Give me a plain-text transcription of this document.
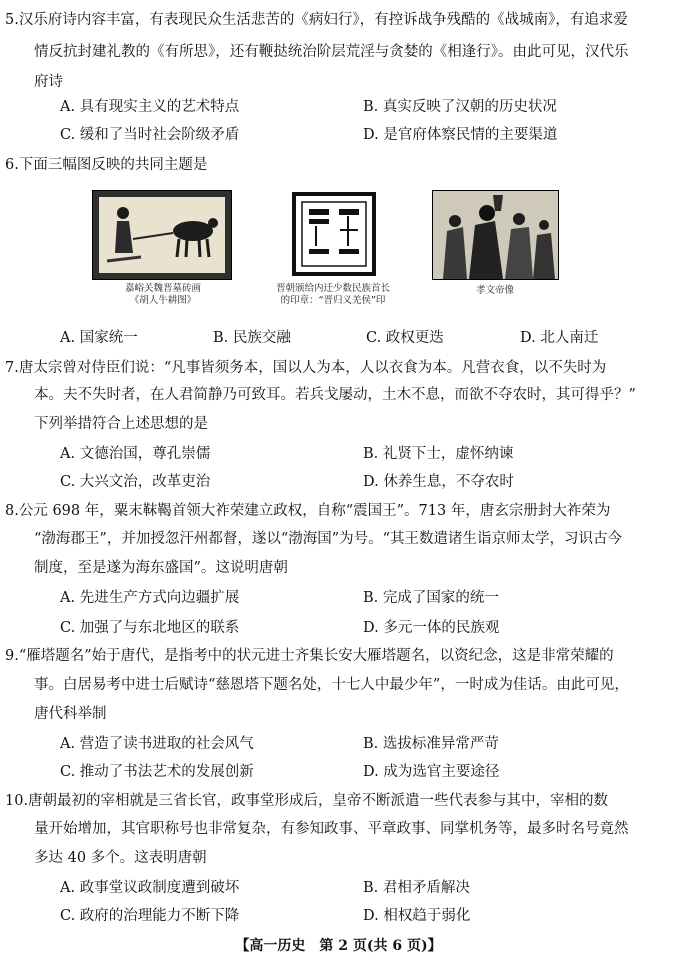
5.汉乐府诗内容丰富，有表现民众生活悲苦的《病妇行》，有控诉战争残酷的《战城南》，有追求爱
情反抗封建礼教的《有所思》，还有鞭挞统治阶层荒淫与贪婪的《相逢行》。由此可见，汉代乐
府诗
A. 具有现实主义的艺术特点	B. 真实反映了汉朝的历史状况
C. 缓和了当时社会阶级矛盾	D. 是官府体察民情的主要渠道
6.下面三幅图反映的共同主题是
嘉峪关魏晋墓砖画
《胡人牛耕图》
晋朝颁给内迁少数民族首长
的印章：“晋归义羌侯”印
孝文帝像
A. 国家统一	B. 民族交融	C. 政权更迭	D. 北人南迁
7.唐太宗曾对侍臣们说：“凡事皆须务本，国以人为本，人以衣食为本。凡营衣食，以不失时为
本。夫不失时者，在人君简静乃可致耳。若兵戈屡动，土木不息，而欲不夺农时，其可得乎？”
下列举措符合上述思想的是
A. 文德治国，尊孔崇儒	B. 礼贤下士，虚怀纳谏
C. 大兴文治，改革吏治	D. 休养生息，不夺农时
8.公元 698 年，粟末靺鞨首领大祚荣建立政权，自称“震国王”。713 年，唐玄宗册封大祚荣为
“渤海郡王”，并加授忽汗州都督，遂以“渤海国”为号。“其王数遣诸生诣京师太学，习识古今
制度，至是遂为海东盛国”。这说明唐朝
A. 先进生产方式向边疆扩展	B. 完成了国家的统一
C. 加强了与东北地区的联系	D. 多元一体的民族观
9.“雁塔题名”始于唐代，是指考中的状元进士齐集长安大雁塔题名，以资纪念，这是非常荣耀的
事。白居易考中进士后赋诗“慈恩塔下题名处，十七人中最少年”，一时成为佳话。由此可见，
唐代科举制
A. 营造了读书进取的社会风气	B. 选拔标准异常严苛
C. 推动了书法艺术的发展创新	D. 成为选官主要途径
10.唐朝最初的宰相就是三省长官，政事堂形成后，皇帝不断派遣一些代表参与其中，宰相的数
量开始增加，其官职称号也非常复杂，有参知政事、平章政事、同掌机务等，最多时名号竟然
多达 40 多个。这表明唐朝
A. 政事堂议政制度遭到破坏	B. 君相矛盾解决
C. 政府的治理能力不断下降	D. 相权趋于弱化
【高一历史　第 2 页(共 6 页)】
